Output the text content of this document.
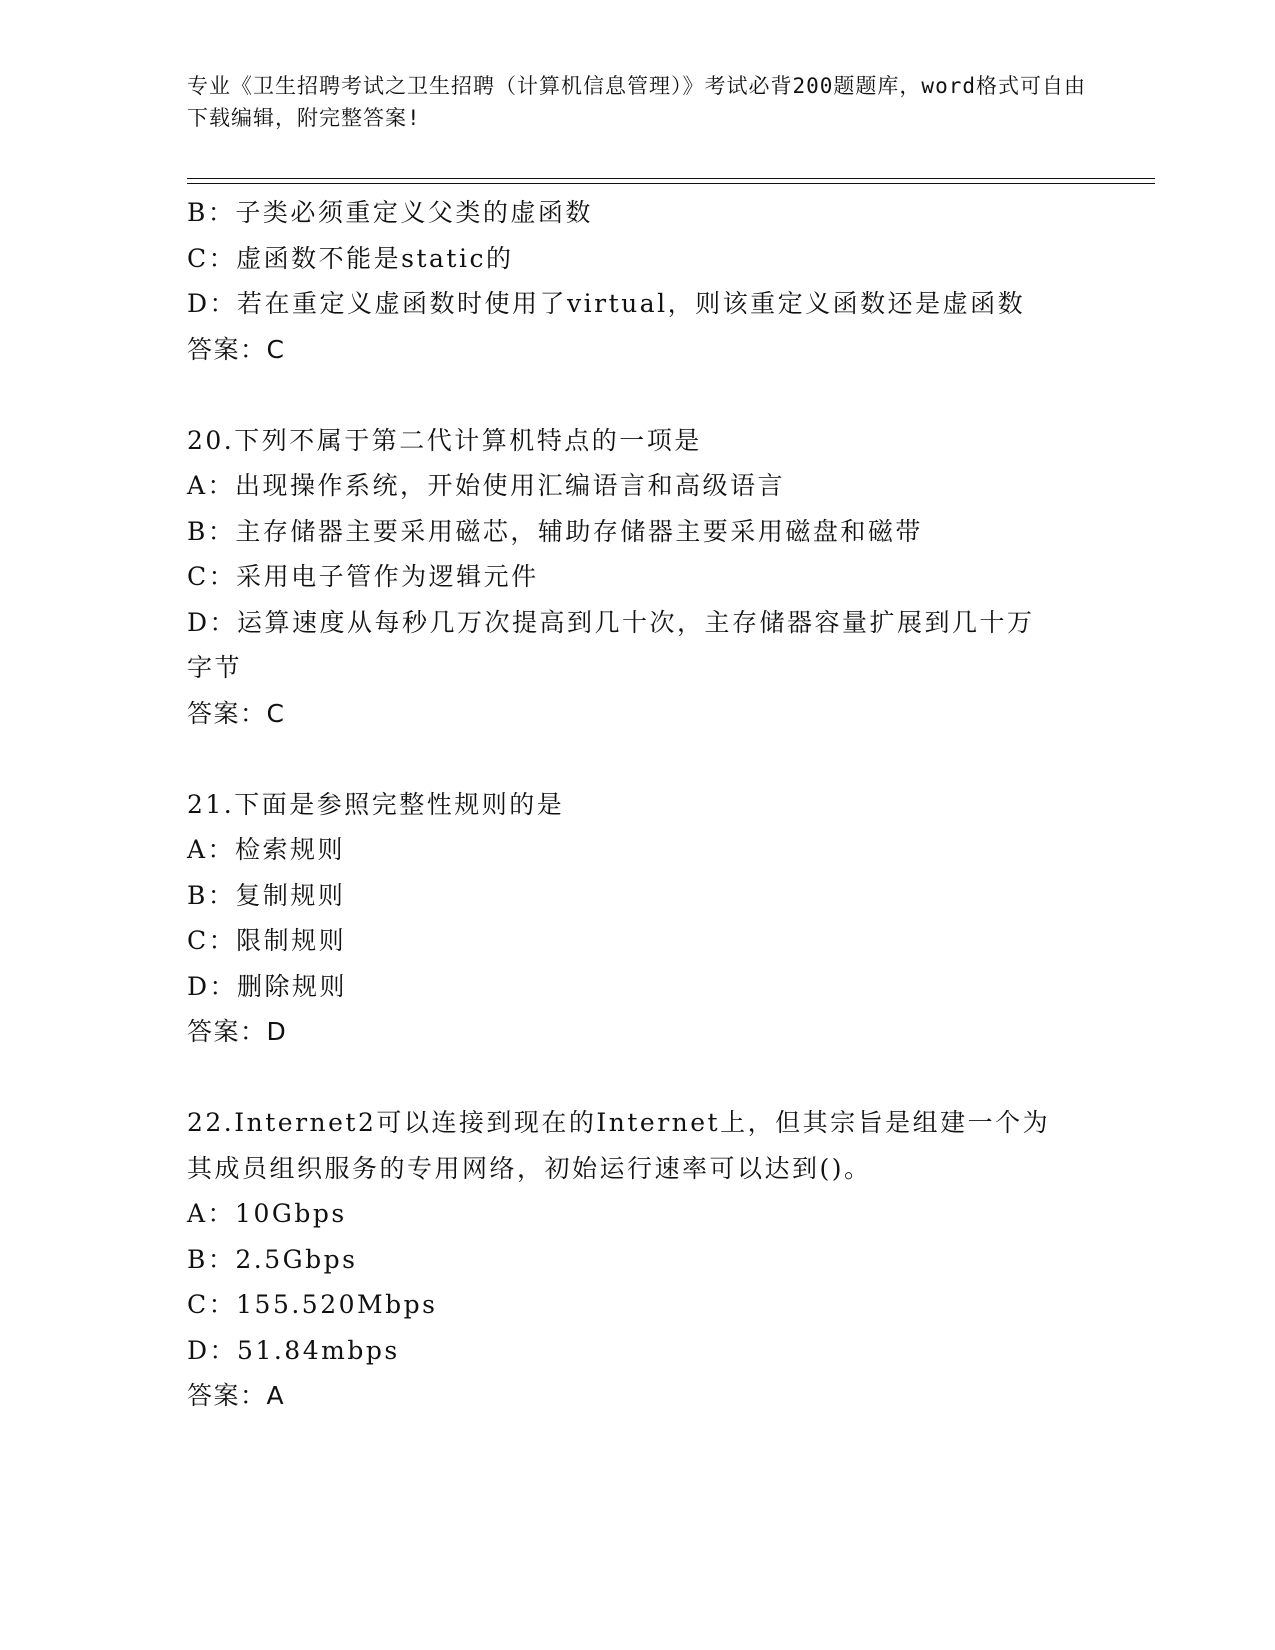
专业《卫生招聘考试之卫生招聘（计算机信息管理）》考试必背200题题库，word格式可自由下载编辑，附完整答案!
B：子类必须重定义父类的虚函数
C：虚函数不能是static的
D：若在重定义虚函数时使用了virtual，则该重定义函数还是虚函数
答案：C
20.下列不属于第二代计算机特点的一项是
A：出现操作系统，开始使用汇编语言和高级语言
B：主存储器主要采用磁芯，辅助存储器主要采用磁盘和磁带
C：采用电子管作为逻辑元件
D：运算速度从每秒几万次提高到几十次，主存储器容量扩展到几十万字节
答案：C
21.下面是参照完整性规则的是
A：检索规则
B：复制规则
C：限制规则
D：删除规则
答案：D
22.Internet2可以连接到现在的Internet上，但其宗旨是组建一个为其成员组织服务的专用网络，初始运行速率可以达到()。
A：10Gbps
B：2.5Gbps
C：155.520Mbps
D：51.84mbps
答案：A
